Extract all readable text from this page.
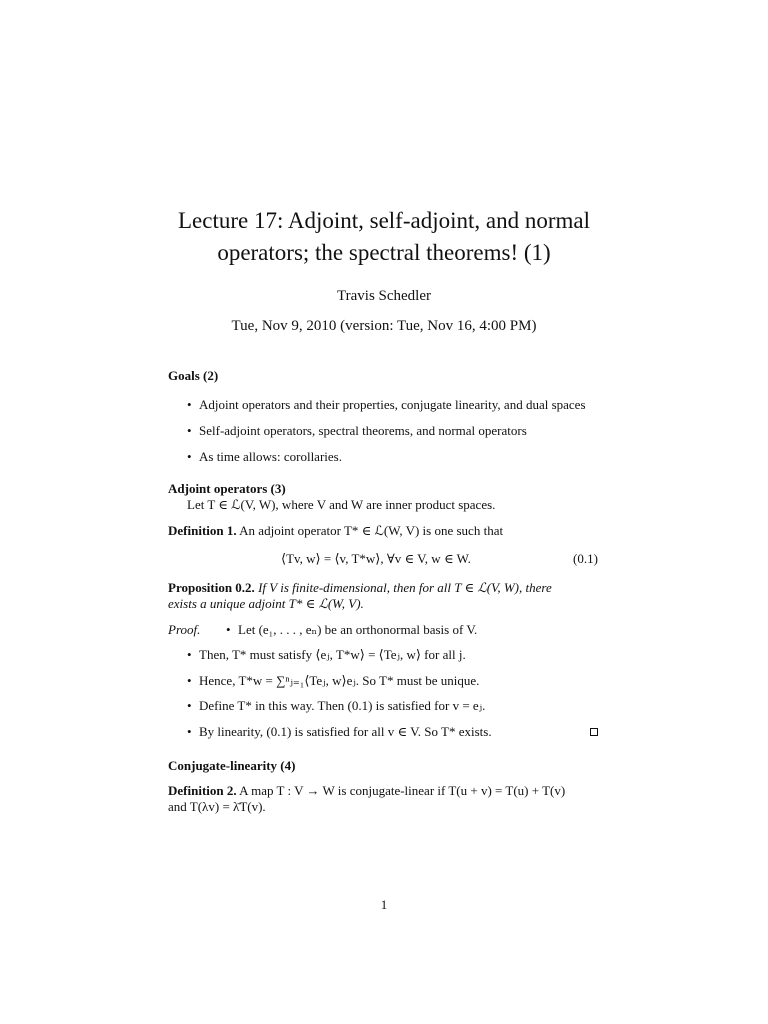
Lecture 17: Adjoint, self-adjoint, and normal
operators; the spectral theorems! (1)
Travis Schedler
Tue, Nov 9, 2010 (version: Tue, Nov 16, 4:00 PM)
Goals (2)
• Adjoint operators and their properties, conjugate linearity, and dual spaces
• Self-adjoint operators, spectral theorems, and normal operators
• As time allows: corollaries.
Adjoint operators (3)
Let T ∈ ℒ(V, W), where V and W are inner product spaces.
Definition 1. An adjoint operator T* ∈ ℒ(W, V) is one such that
⟨Tv, w⟩ = ⟨v, T*w⟩, ∀v ∈ V, w ∈ W.	(0.1)
Proposition 0.2. If V is finite-dimensional, then for all T ∈ ℒ(V, W), there
exists a unique adjoint T* ∈ ℒ(W, V).
Proof. • Let (e₁, . . . , eₙ) be an orthonormal basis of V.
• Then, T* must satisfy ⟨eⱼ, T*w⟩ = ⟨Teⱼ, w⟩ for all j.
• Hence, T*w = ∑ⁿⱼ₌₁⟨Teⱼ, w⟩eⱼ. So T* must be unique.
• Define T* in this way. Then (0.1) is satisfied for v = eⱼ.
• By linearity, (0.1) is satisfied for all v ∈ V. So T* exists.
Conjugate-linearity (4)
Definition 2. A map T : V → W is conjugate-linear if T(u + v) = T(u) + T(v)
and T(λv) = λ̄T(v).
1
